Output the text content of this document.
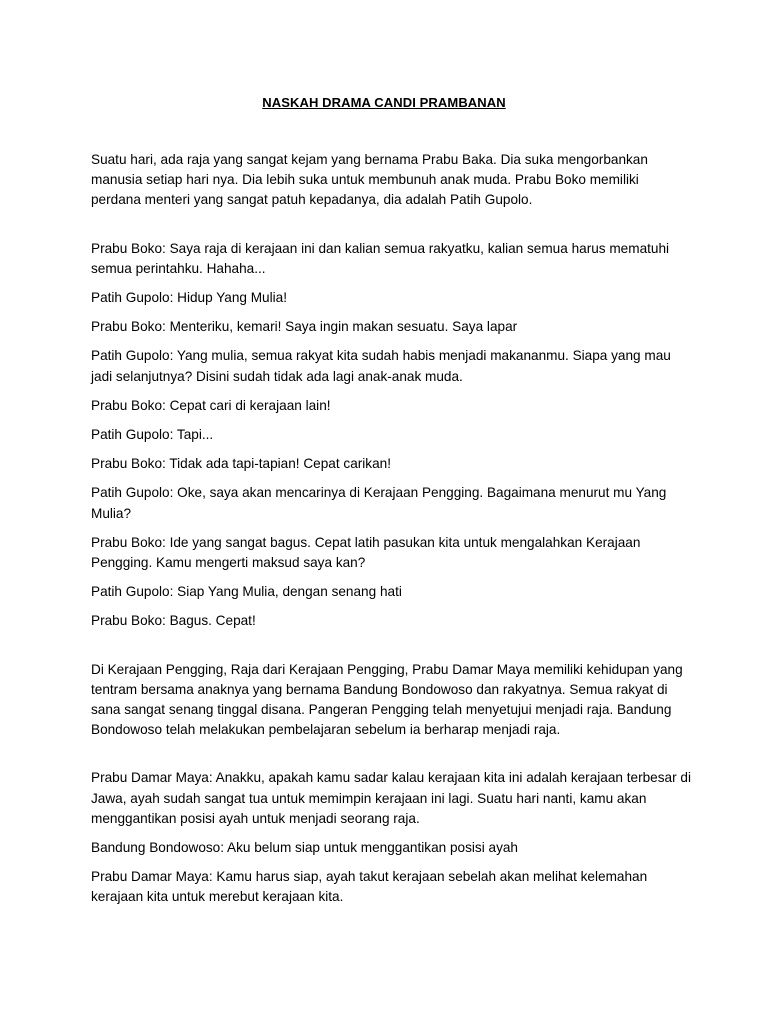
NASKAH DRAMA CANDI PRAMBANAN

Suatu hari, ada raja yang sangat kejam yang bernama Prabu Baka. Dia suka mengorbankan manusia setiap hari nya. Dia lebih suka untuk membunuh anak muda. Prabu Boko memiliki perdana menteri yang sangat patuh kepadanya, dia adalah Patih Gupolo.

Prabu Boko: Saya raja di kerajaan ini dan kalian semua rakyatku, kalian semua harus mematuhi semua perintahku. Hahaha...

Patih Gupolo: Hidup Yang Mulia!

Prabu Boko: Menteriku, kemari! Saya ingin makan sesuatu. Saya lapar

Patih Gupolo: Yang mulia, semua rakyat kita sudah habis menjadi makananmu. Siapa yang mau jadi selanjutnya? Disini sudah tidak ada lagi anak-anak muda.

Prabu Boko: Cepat cari di kerajaan lain!

Patih Gupolo: Tapi...

Prabu Boko: Tidak ada tapi-tapian! Cepat carikan!

Patih Gupolo: Oke, saya akan mencarinya di Kerajaan Pengging. Bagaimana menurut mu Yang Mulia?

Prabu Boko: Ide yang sangat bagus. Cepat latih pasukan kita untuk mengalahkan Kerajaan Pengging. Kamu mengerti maksud saya kan?

Patih Gupolo: Siap Yang Mulia, dengan senang hati

Prabu Boko: Bagus. Cepat!

Di Kerajaan Pengging, Raja dari Kerajaan Pengging, Prabu Damar Maya memiliki kehidupan yang tentram bersama anaknya yang bernama Bandung Bondowoso dan rakyatnya. Semua rakyat di sana sangat senang tinggal disana. Pangeran Pengging telah menyetujui menjadi raja. Bandung Bondowoso telah melakukan pembelajaran sebelum ia berharap menjadi raja.

Prabu Damar Maya: Anakku, apakah kamu sadar kalau kerajaan kita ini adalah kerajaan terbesar di Jawa, ayah sudah sangat tua untuk memimpin kerajaan ini lagi. Suatu hari nanti, kamu akan menggantikan posisi ayah untuk menjadi seorang raja.

Bandung Bondowoso: Aku belum siap untuk menggantikan posisi ayah

Prabu Damar Maya: Kamu harus siap, ayah takut kerajaan sebelah akan melihat kelemahan kerajaan kita untuk merebut kerajaan kita.
